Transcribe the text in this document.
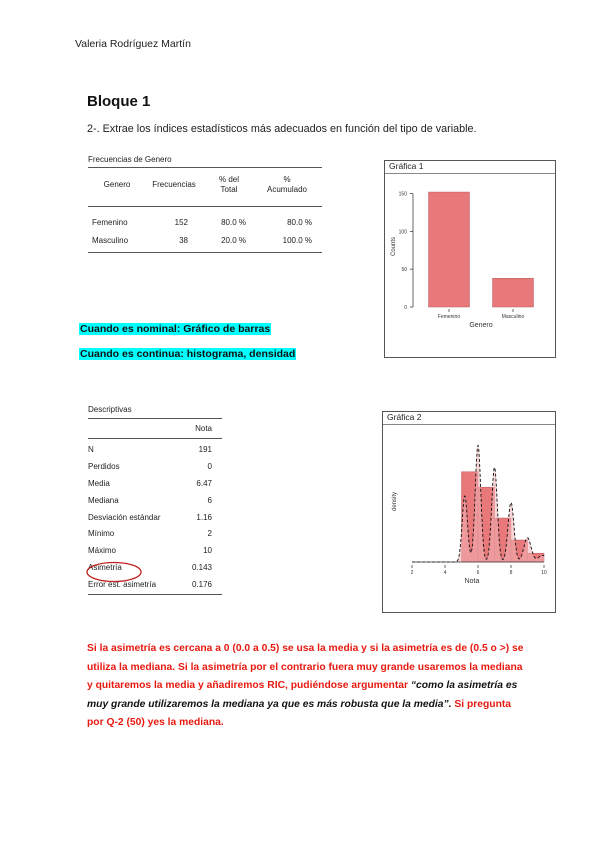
Valeria Rodríguez Martín
Bloque 1
2-. Extrae los índices estadísticos más adecuados en función del tipo de variable.
Frecuencias de Genero
Genero	Frecuencias	% del Total	% Acumulado
Femenino	152	80.0 %	80.0 %
Masculino	38	20.0 %	100.0 %
Cuando es nominal: Gráfico de barras
Cuando es continua: histograma, densidad
Gráfica 1
0
50
100
150
Femenino	Masculino
Genero
Counts
Descriptivas
Nota
N	191
Perdidos	0
Media	6.47
Mediana	6
Desviación estándar	1.16
Mínimo	2
Máximo	10
Asimetría	0.143
Error est. asimetría	0.176
Gráfica 2
2	4	6	8	10
Nota
density
Si la asimetría es cercana a 0 (0.0 a 0.5) se usa la media y si la asimetría es de (0.5 o >) se utiliza la mediana. Si la asimetría por el contrario fuera muy grande usaremos la mediana y quitaremos la media y añadiremos RIC, pudiéndose argumentar “como la asimetría es muy grande utilizaremos la mediana ya que es más robusta que la media”. Si pregunta por Q-2 (50) yes la mediana.
